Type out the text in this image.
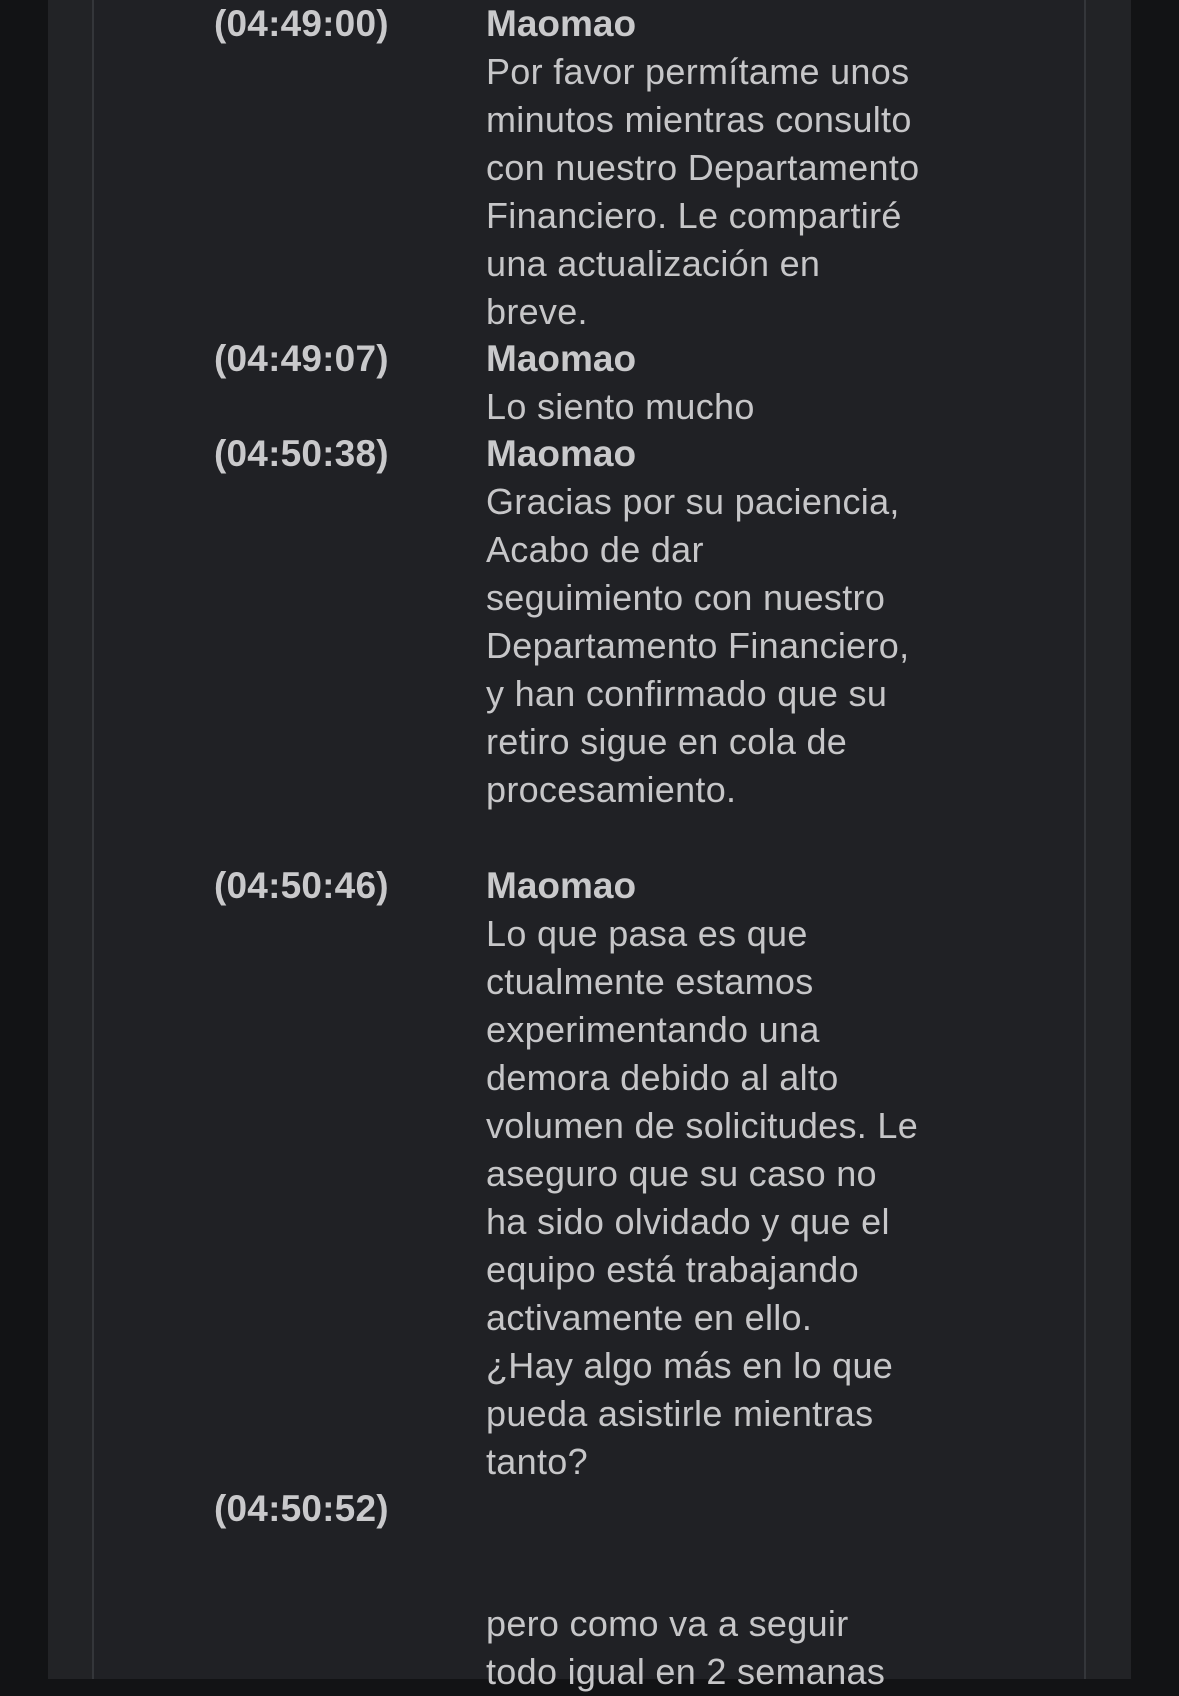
(04:49:00)	Maomao
Por favor permítame unos
minutos mientras consulto
con nuestro Departamento
Financiero. Le compartiré
una actualización en
breve.
(04:49:07)	Maomao
Lo siento mucho
(04:50:38)	Maomao
Gracias por su paciencia,
Acabo de dar
seguimiento con nuestro
Departamento Financiero,
y han confirmado que su
retiro sigue en cola de
procesamiento.
(04:50:46)	Maomao
Lo que pasa es que
ctualmente estamos
experimentando una
demora debido al alto
volumen de solicitudes. Le
aseguro que su caso no
ha sido olvidado y que el
equipo está trabajando
activamente en ello.
¿Hay algo más en lo que
pueda asistirle mientras
tanto?
(04:50:52)
pero como va a seguir
todo igual en 2 semanas
